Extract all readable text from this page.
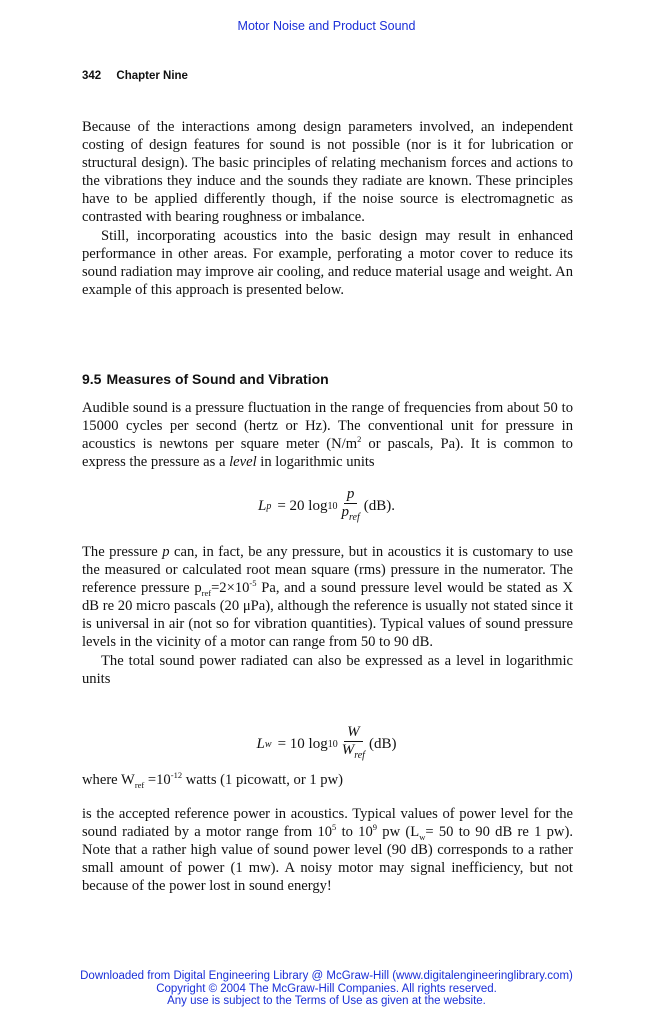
Motor Noise and Product Sound
342 Chapter Nine

Because of the interactions among design parameters involved, an independent costing of design features for sound is not possible (nor is it for lubrication or structural design). The basic principles of relating mechanism forces and actions to the vibrations they induce and the sounds they radiate are known. These principles have to be applied differently though, if the noise source is electromagnetic as contrasted with bearing roughness or imbalance.

Still, incorporating acoustics into the basic design may result in enhanced performance in other areas. For example, perforating a motor cover to reduce its sound radiation may improve air cooling, and reduce material usage and weight. An example of this approach is presented below.

9.5 Measures of Sound and Vibration

Audible sound is a pressure fluctuation in the range of frequencies from about 50 to 15000 cycles per second (hertz or Hz). The conventional unit for pressure in acoustics is newtons per square meter ($N/m^2$ or pascals, Pa). It is common to express the pressure as a level in logarithmic units

L p = 20 $\log 10 \frac{p}{p_{ref}} (dB)$.

The pressure p can, in fact, be any pressure, but in acoustics it is customary to use the measured or calculated root mean square (rms) pressure in the numerator. The reference pressure $p_{ref}=2\times 10^{-5}$ Pa, and a sound pressure level would be stated as X dB re 20 micro pascals (20 μPa), although the reference is usually not stated since it is universal in air (not so for vibration quantities). Typical values of sound pressure levels in the vicinity of a motor can range from 50 to 90 dB.

The total sound power radiated can also be expressed as a level in logarithmic units

L w = 10 $\log 10 \frac{W}{W_{ref}} (dB)$

where $W_{ref} =10^{-12}$ watts (1 picowatt, or 1 pw)

is the accepted reference power in acoustics. Typical values of power level for the sound radiated by a motor range from $10^5$ to $10^9$ pw ($L_w= 50$ to 90 dB re 1 pw). Note that a rather high value of sound power level (90 dB) corresponds to a rather small amount of power (1 mw). A noisy motor may signal inefficiency, but not because of the power lost in sound energy!

Downloaded from Digital Engineering Library @ McGraw-Hill (www.digitalengineeringlibrary.com)
Copyright © 2004 The McGraw-Hill Companies. All rights reserved.
Any use is subject to the Terms of Use as given at the website.
